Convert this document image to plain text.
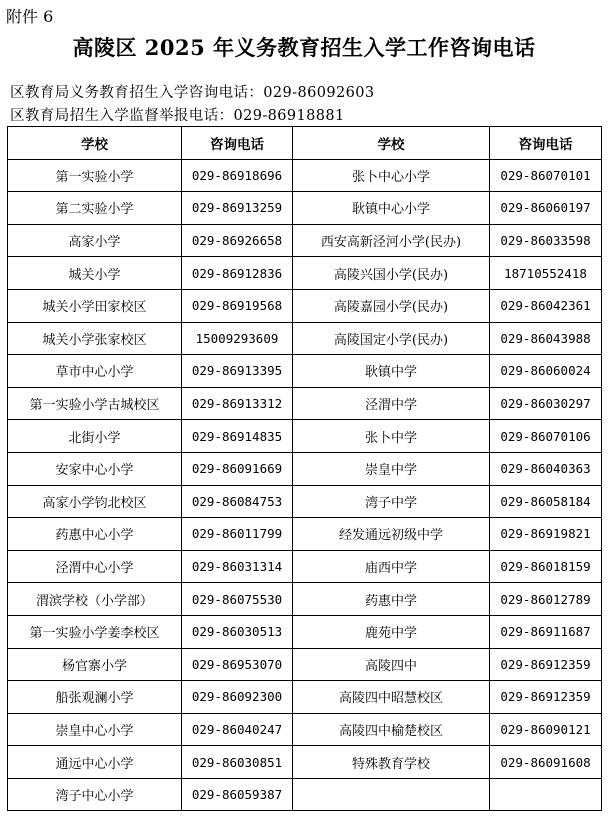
附件 6
高陵区 2025 年义务教育招生入学工作咨询电话
区教育局义务教育招生入学咨询电话：029-86092603
区教育局招生入学监督举报电话：029-86918881
学校	咨询电话	学校	咨询电话
第一实验小学	029-86918696	张卜中心小学	029-86070101
第二实验小学	029-86913259	耿镇中心小学	029-86060197
高家小学	029-86926658	西安高新泾河小学(民办)	029-86033598
城关小学	029-86912836	高陵兴国小学(民办)	18710552418
城关小学田家校区	029-86919568	高陵嘉园小学(民办)	029-86042361
城关小学张家校区	15009293609	高陵国定小学(民办)	029-86043988
草市中心小学	029-86913395	耿镇中学	029-86060024
第一实验小学古城校区	029-86913312	泾渭中学	029-86030297
北街小学	029-86914835	张卜中学	029-86070106
安家中心小学	029-86091669	崇皇中学	029-86040363
高家小学钧北校区	029-86084753	湾子中学	029-86058184
药惠中心小学	029-86011799	经发通远初级中学	029-86919821
泾渭中心小学	029-86031314	庙西中学	029-86018159
渭滨学校（小学部）	029-86075530	药惠中学	029-86012789
第一实验小学姜李校区	029-86030513	鹿苑中学	029-86911687
杨官寨小学	029-86953070	高陵四中	029-86912359
船张观澜小学	029-86092300	高陵四中昭慧校区	029-86912359
崇皇中心小学	029-86040247	高陵四中榆楚校区	029-86090121
通远中心小学	029-86030851	特殊教育学校	029-86091608
湾子中心小学	029-86059387		
